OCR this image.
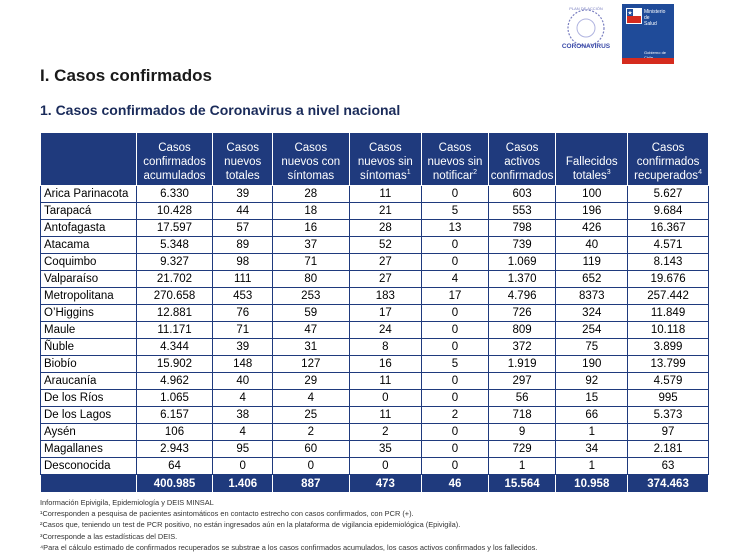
PLAN DE ACCIÓN
CORONAVIRUS
Ministerio de
Salud
Gobierno de
I. Casos confirmados
1. Casos confirmados de Coronavirus a nivel nacional
	Casos confirmados acumulados	Casos nuevos totales	Casos nuevos con síntomas	Casos nuevos sin síntomas$^1$	Casos nuevos sin notificar$^2$	Casos activos confirmados	Fallecidos totales$^3$	Casos confirmados recuperados$^4$
Arica Parinacota	6.330	39	28	11	0	603	100	5.627
Tarapacá	10.428	44	18	21	5	553	196	9.684
Antofagasta	17.597	57	16	28	13	798	426	16.367
Atacama	5.348	89	37	52	0	739	40	4.571
Coquimbo	9.327	98	71	27	0	1.069	119	8.143
Valparaíso	21.702	111	80	27	4	1.370	652	19.676
Metropolitana	270.658	453	253	183	17	4.796	8373	257.442
O’Higgins	12.881	76	59	17	0	726	324	11.849
Maule	11.171	71	47	24	0	809	254	10.118
Ñuble	4.344	39	31	8	0	372	75	3.899
Biobío	15.902	148	127	16	5	1.919	190	13.799
Araucanía	4.962	40	29	11	0	297	92	4.579
De los Ríos	1.065	4	4	0	0	56	15	995
De los Lagos	6.157	38	25	11	2	718	66	5.373
Aysén	106	4	2	2	0	9	1	97
Magallanes	2.943	95	60	35	0	729	34	2.181
Desconocida	64	0	0	0	0	1	1	63
	400.985	1.406	887	473	46	15.564	10.958	374.463
Información Epivigila, Epidemiología y DEIS MINSAL
¹Corresponden a pesquisa de pacientes asintomáticos en contacto estrecho con casos confirmados, con PCR (+).
²Casos que, teniendo un test de PCR positivo, no están ingresados aún en la plataforma de vigilancia epidemiológica (Epivigila).
³Corresponde a las estadísticas del DEIS.
⁴Para el cálculo estimado de confirmados recuperados se substrae a los casos confirmados acumulados, los casos activos confirmados y los fallecidos.
